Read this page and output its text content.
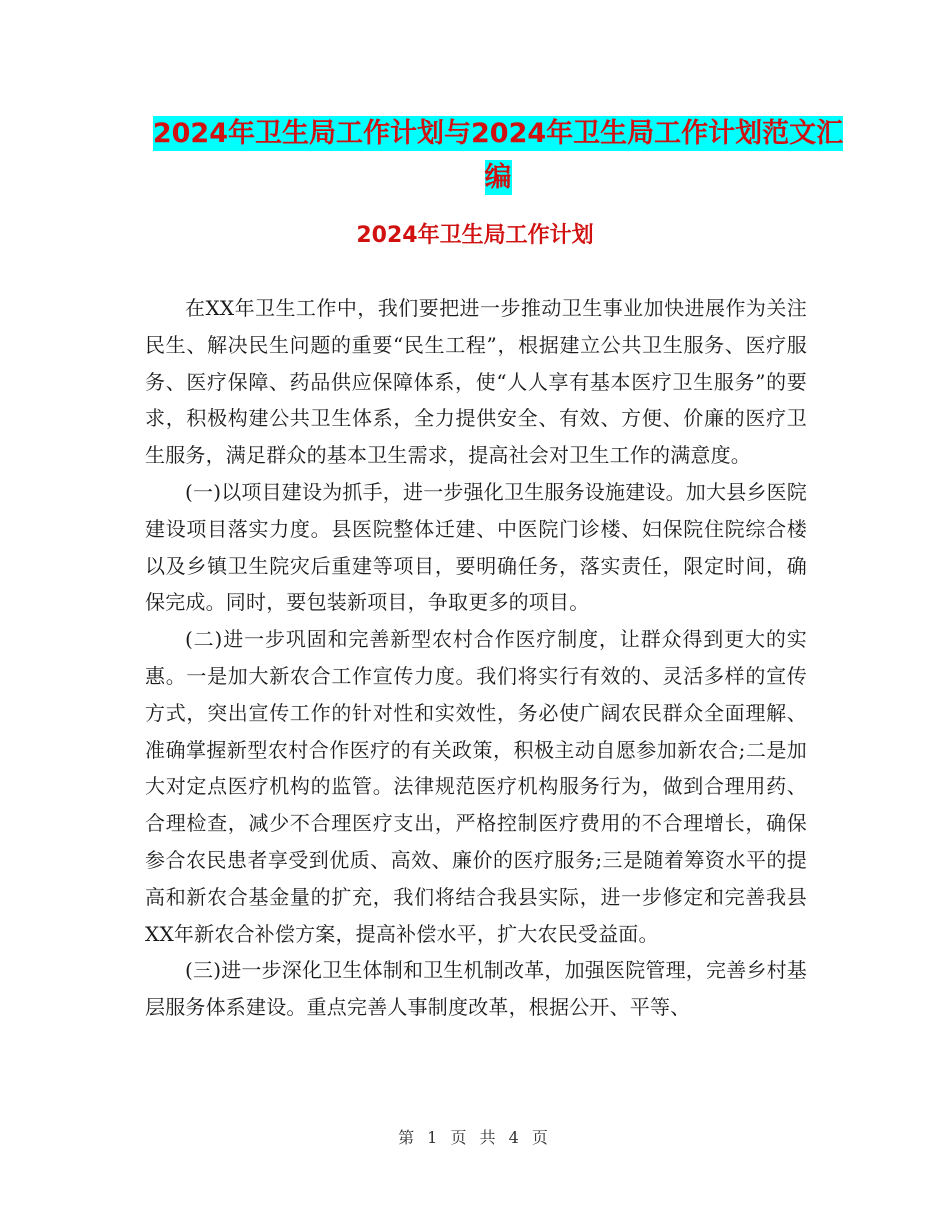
2024年卫生局工作计划与2024年卫生局工作计划范文汇编
2024年卫生局工作计划

在XX年卫生工作中，我们要把进一步推动卫生事业加快进展作为关注民生、解决民生问题的重要“民生工程”，根据建立公共卫生服务、医疗服务、医疗保障、药品供应保障体系，使“人人享有基本医疗卫生服务”的要求，积极构建公共卫生体系，全力提供安全、有效、方便、价廉的医疗卫生服务，满足群众的基本卫生需求，提高社会对卫生工作的满意度。

(一)以项目建设为抓手，进一步强化卫生服务设施建设。加大县乡医院建设项目落实力度。县医院整体迁建、中医院门诊楼、妇保院住院综合楼以及乡镇卫生院灾后重建等项目，要明确任务，落实责任，限定时间，确保完成。同时，要包装新项目，争取更多的项目。

(二)进一步巩固和完善新型农村合作医疗制度，让群众得到更大的实惠。一是加大新农合工作宣传力度。我们将实行有效的、灵活多样的宣传方式，突出宣传工作的针对性和实效性，务必使广阔农民群众全面理解、准确掌握新型农村合作医疗的有关政策，积极主动自愿参加新农合;二是加大对定点医疗机构的监管。法律规范医疗机构服务行为，做到合理用药、合理检查，减少不合理医疗支出，严格控制医疗费用的不合理增长，确保参合农民患者享受到优质、高效、廉价的医疗服务;三是随着筹资水平的提高和新农合基金量的扩充，我们将结合我县实际，进一步修定和完善我县XX年新农合补偿方案，提高补偿水平，扩大农民受益面。

(三)进一步深化卫生体制和卫生机制改革，加强医院管理，完善乡村基层服务体系建设。重点完善人事制度改革，根据公开、平等、

第 1 页 共 4 页
